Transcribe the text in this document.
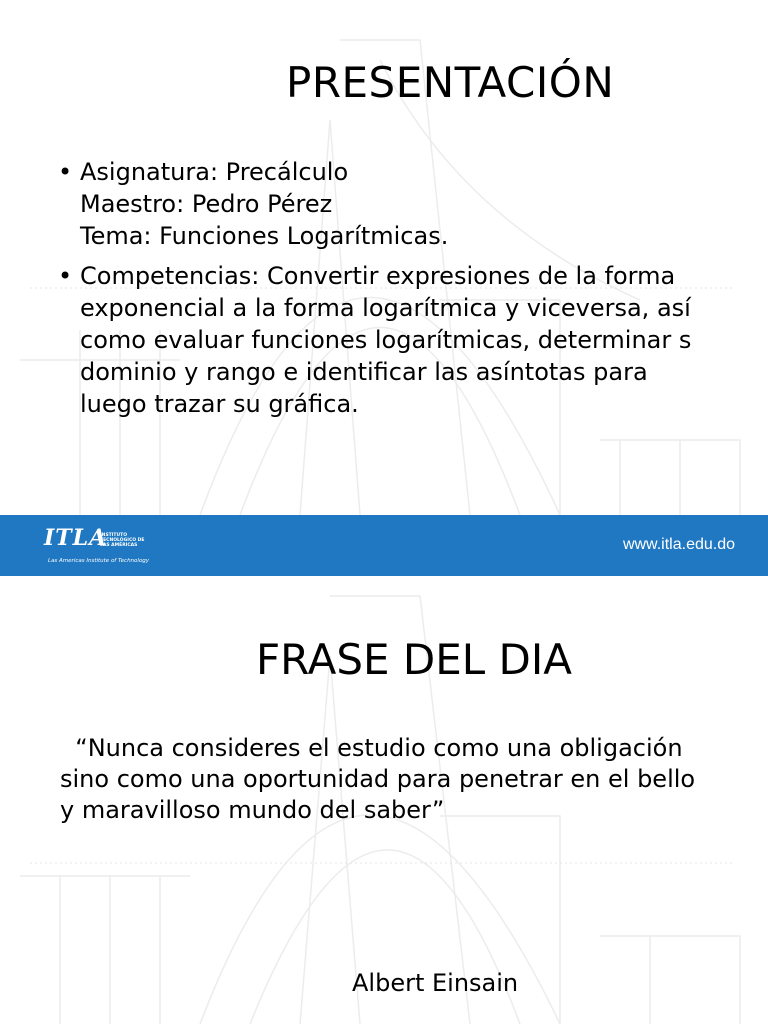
PRESENTACIÓN
• Asignatura: Precálculo
Maestro: Pedro Pérez
Tema: Funciones Logarítmicas.
• Competencias: Convertir expresiones de la forma
exponencial a la forma logarítmica y viceversa, así
como evaluar funciones logarítmicas, determinar s
dominio y rango e identificar las asíntotas para
luego trazar su gráfica.
ITLA
INSTITUTO
TECNOLÓGICO DE
LAS AMÉRICAS
Las Americas Institute of Technology
www.itla.edu.do
FRASE DEL DIA

“Nunca consideres el estudio como una obligación
sino como una oportunidad para penetrar en el bello
y maravilloso mundo del saber”

Albert Einsain
